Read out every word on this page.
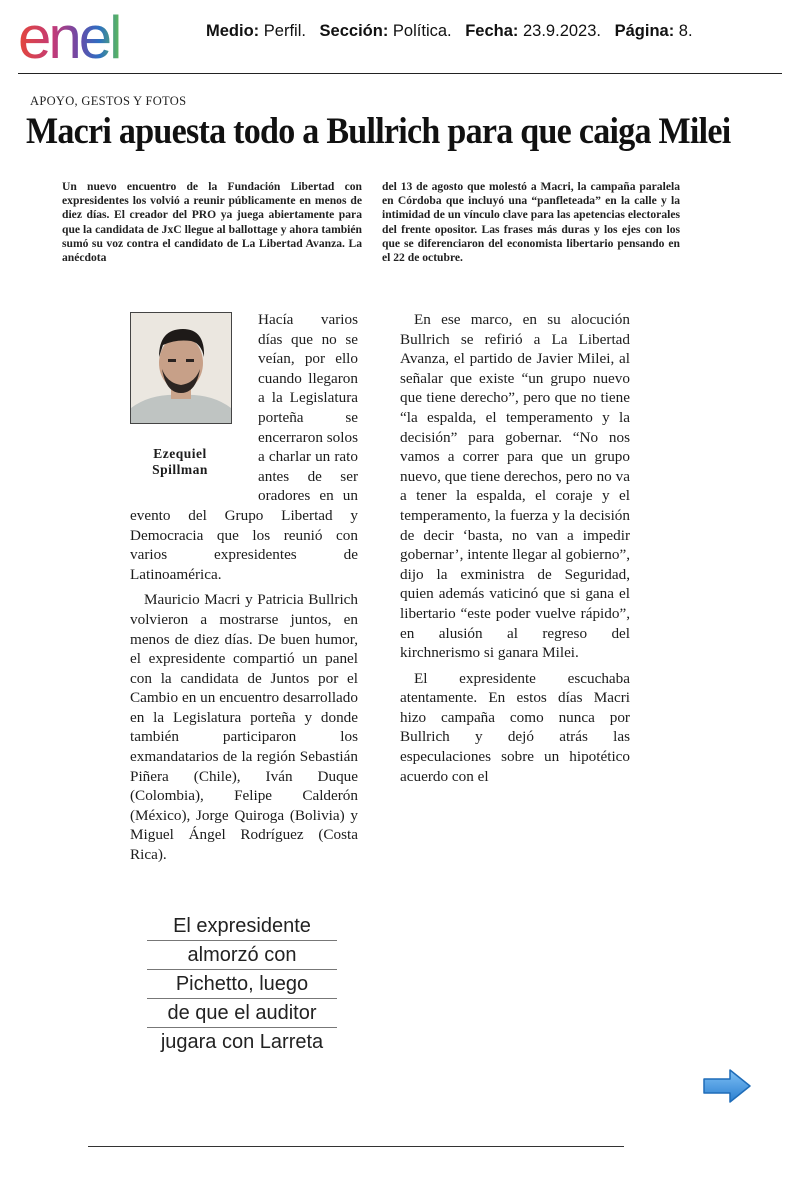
enel	Medio: Perfil. Sección: Política. Fecha: 23.9.2023. Página: 8.
APOYO, GESTOS Y FOTOS
Macri apuesta todo a Bullrich para que caiga Milei
Un nuevo encuentro de la Fundación Libertad con expresidentes los volvió a reunir públicamente en menos de diez días. El creador del PRO ya juega abiertamente para que la candidata de JxC llegue al ballottage y ahora también sumó su voz contra el candidato de La Libertad Avanza. La anécdota
del 13 de agosto que molestó a Macri, la campaña paralela en Córdoba que incluyó una “panfleteada” en la calle y la intimidad de un vínculo clave para las apetencias electorales del frente opositor. Las frases más duras y los ejes con los que se diferenciaron del economista libertario pensando en el 22 de octubre.
Ezequiel
Spillman

Hacía varios días que no se veían, por ello cuando llegaron a la Legislatura porteña se encerraron solos a charlar un rato antes de ser oradores en un evento del Grupo Libertad y Democracia que los reunió con varios expresidentes de Latinoamérica.

Mauricio Macri y Patricia Bullrich volvieron a mostrarse juntos, en menos de diez días. De buen humor, el expresidente compartió un panel con la candidata de Juntos por el Cambio en un encuentro desarrollado en la Legislatura porteña y donde también participaron los exmandatarios de la región Sebastián Piñera (Chile), Iván Duque (Colombia), Felipe Calderón (México), Jorge Quiroga (Bolivia) y Miguel Ángel Rodríguez (Costa Rica).

En ese marco, en su alocución Bullrich se refirió a La Libertad Avanza, el partido de Javier Milei, al señalar que existe “un grupo nuevo que tiene derecho”, pero que no tiene “la espalda, el temperamento y la decisión” para gobernar. “No nos vamos a correr para que un grupo nuevo, que tiene derechos, pero no va a tener la espalda, el coraje y el temperamento, la fuerza y la decisión de decir ‘basta, no van a impedir gobernar’, intente llegar al gobierno”, dijo la exministra de Seguridad, quien además vaticinó que si gana el libertario “este poder vuelve rápido”, en alusión al regreso del kirchnerismo si ganara Milei.

El expresidente escuchaba atentamente. En estos días Macri hizo campaña como nunca por Bullrich y dejó atrás las especulaciones sobre un hipotético acuerdo con el

El expresidente
almorzó con
Pichetto, luego
de que el auditor
jugara con Larreta
